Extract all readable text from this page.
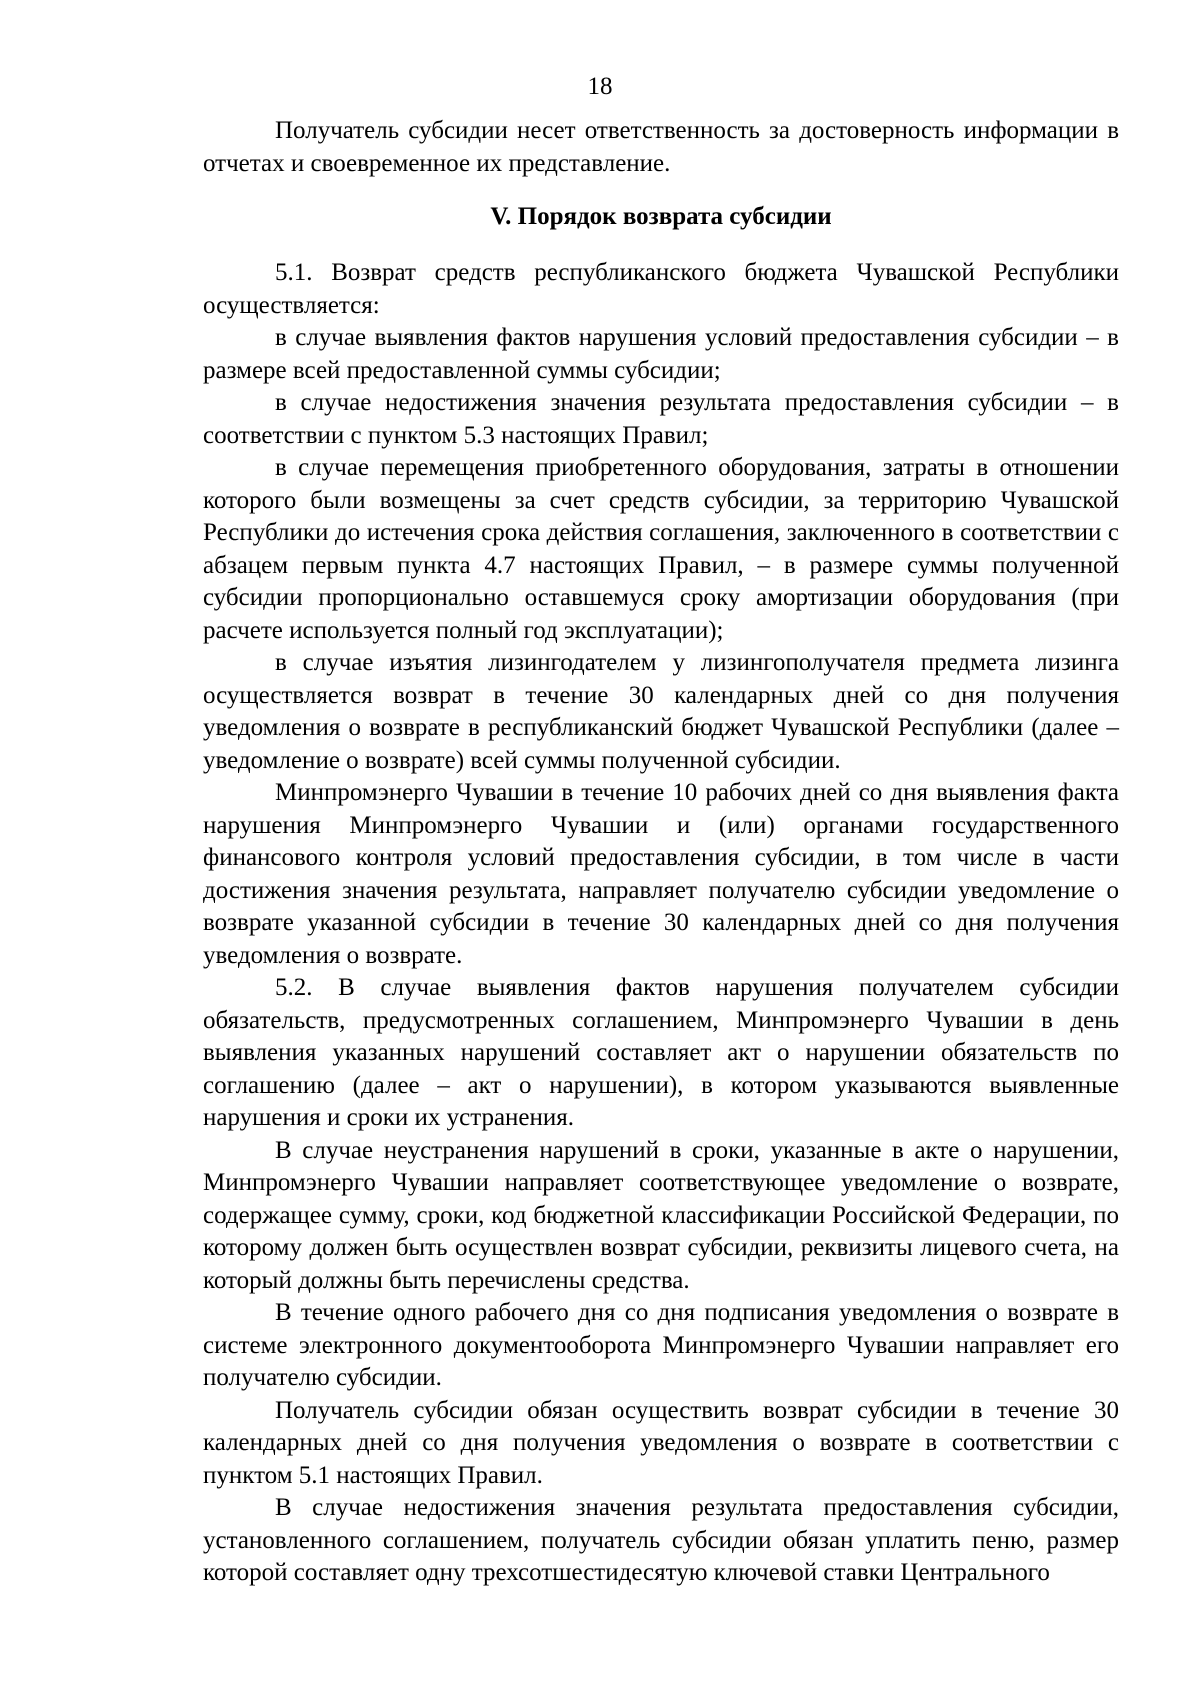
18

Получатель субсидии несет ответственность за достоверность информации в отчетах и своевременное их представление.

V. Порядок возврата субсидии

5.1. Возврат средств республиканского бюджета Чувашской Республики осуществляется:

в случае выявления фактов нарушения условий предоставления субсидии – в размере всей предоставленной суммы субсидии;

в случае недостижения значения результата предоставления субсидии – в соответствии с пунктом 5.3 настоящих Правил;

в случае перемещения приобретенного оборудования, затраты в отношении которого были возмещены за счет средств субсидии, за территорию Чувашской Республики до истечения срока действия соглашения, заключенного в соответствии с абзацем первым пункта 4.7 настоящих Правил, – в размере суммы полученной субсидии пропорционально оставшемуся сроку амортизации оборудования (при расчете используется полный год эксплуатации);

в случае изъятия лизингодателем у лизингополучателя предмета лизинга осуществляется возврат в течение 30 календарных дней со дня получения уведомления о возврате в республиканский бюджет Чувашской Республики (далее – уведомление о возврате) всей суммы полученной субсидии.

Минпромэнерго Чувашии в течение 10 рабочих дней со дня выявления факта нарушения Минпромэнерго Чувашии и (или) органами государственного финансового контроля условий предоставления субсидии, в том числе в части достижения значения результата, направляет получателю субсидии уведомление о возврате указанной субсидии в течение 30 календарных дней со дня получения уведомления о возврате.

5.2. В случае выявления фактов нарушения получателем субсидии обязательств, предусмотренных соглашением, Минпромэнерго Чувашии в день выявления указанных нарушений составляет акт о нарушении обязательств по соглашению (далее – акт о нарушении), в котором указываются выявленные нарушения и сроки их устранения.

В случае неустранения нарушений в сроки, указанные в акте о нарушении, Минпромэнерго Чувашии направляет соответствующее уведомление о возврате, содержащее сумму, сроки, код бюджетной классификации Российской Федерации, по которому должен быть осуществлен возврат субсидии, реквизиты лицевого счета, на который должны быть перечислены средства.

В течение одного рабочего дня со дня подписания уведомления о возврате в системе электронного документооборота Минпромэнерго Чувашии направляет его получателю субсидии.

Получатель субсидии обязан осуществить возврат субсидии в течение 30 календарных дней со дня получения уведомления о возврате в соответствии с пунктом 5.1 настоящих Правил.

В случае недостижения значения результата предоставления субсидии, установленного соглашением, получатель субсидии обязан уплатить пеню, размер которой составляет одну трехсотшестидесятую ключевой ставки Центрального
